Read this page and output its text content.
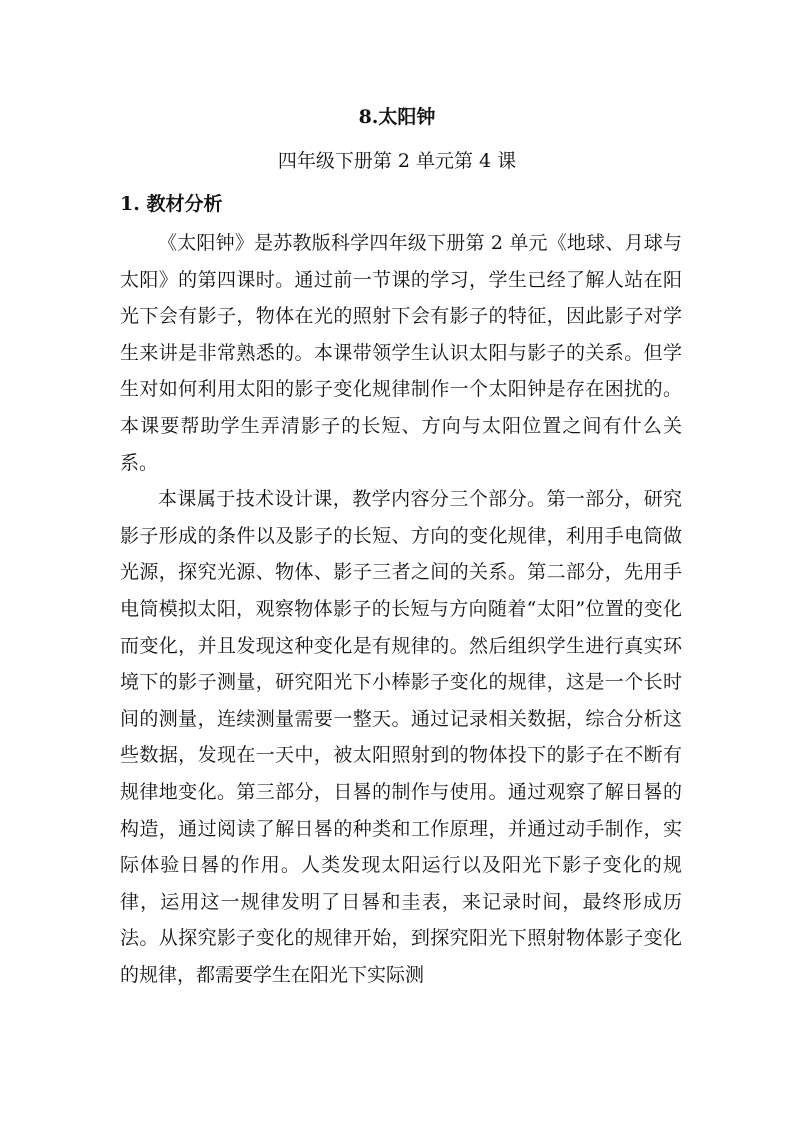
8.太阳钟
四年级下册第 2 单元第 4 课
1. 教材分析

《太阳钟》是苏教版科学四年级下册第 2 单元《地球、月球与太阳》的第四课时。通过前一节课的学习，学生已经了解人站在阳光下会有影子，物体在光的照射下会有影子的特征，因此影子对学生来讲是非常熟悉的。本课带领学生认识太阳与影子的关系。但学生对如何利用太阳的影子变化规律制作一个太阳钟是存在困扰的。本课要帮助学生弄清影子的长短、方向与太阳位置之间有什么关系。

本课属于技术设计课，教学内容分三个部分。第一部分，研究影子形成的条件以及影子的长短、方向的变化规律，利用手电筒做光源，探究光源、物体、影子三者之间的关系。第二部分，先用手电筒模拟太阳，观察物体影子的长短与方向随着“太阳”位置的变化而变化，并且发现这种变化是有规律的。然后组织学生进行真实环境下的影子测量，研究阳光下小棒影子变化的规律，这是一个长时间的测量，连续测量需要一整天。通过记录相关数据，综合分析这些数据，发现在一天中，被太阳照射到的物体投下的影子在不断有规律地变化。第三部分，日晷的制作与使用。通过观察了解日晷的构造，通过阅读了解日晷的种类和工作原理，并通过动手制作，实际体验日晷的作用。人类发现太阳运行以及阳光下影子变化的规律，运用这一规律发明了日晷和圭表，来记录时间，最终形成历法。从探究影子变化的规律开始，到探究阳光下照射物体影子变化的规律，都需要学生在阳光下实际测
